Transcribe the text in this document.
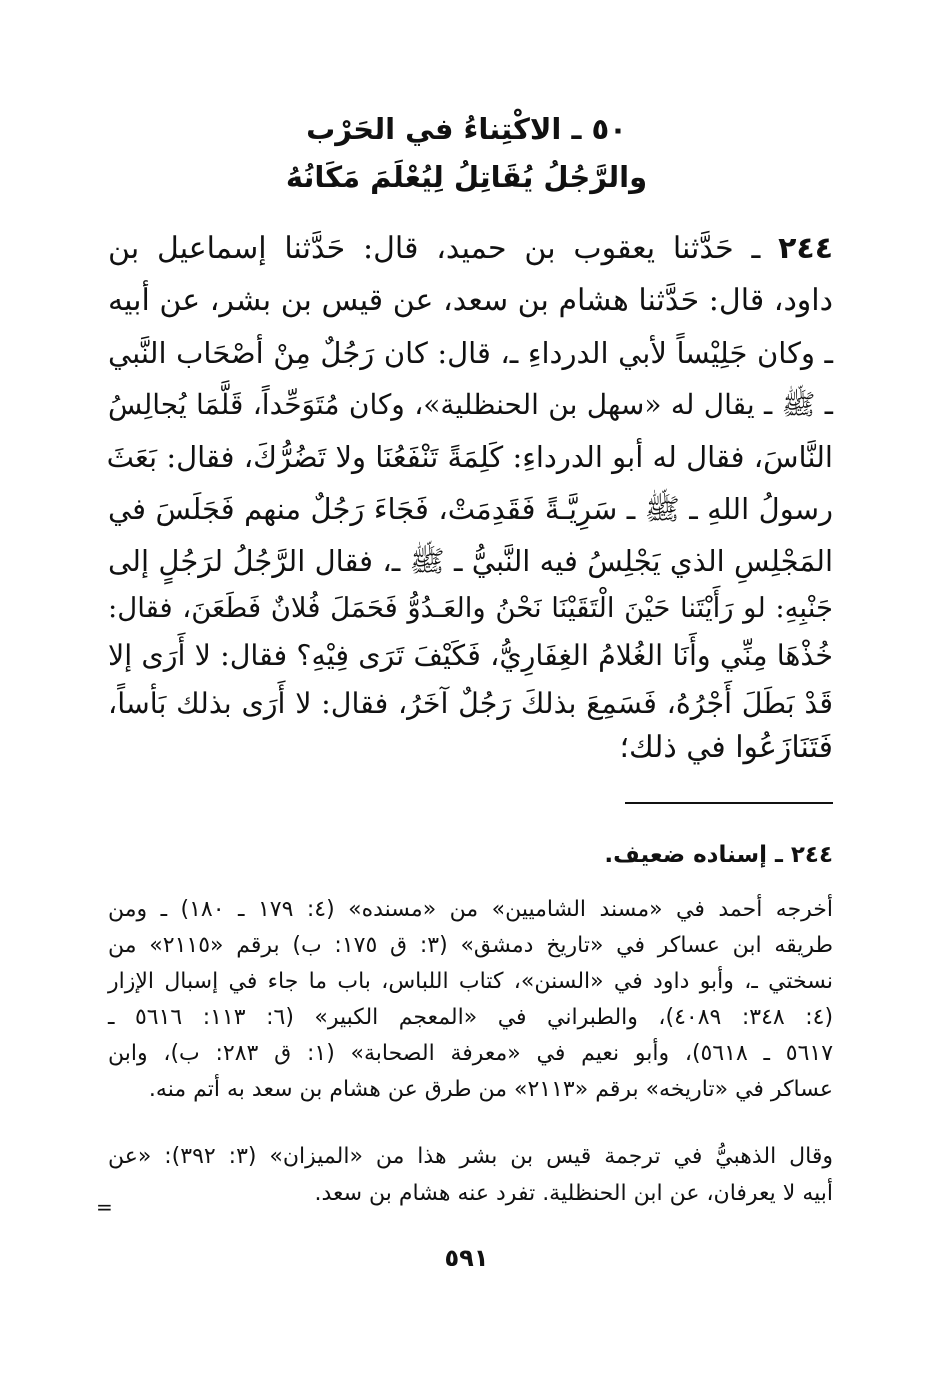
٥٠ ـ الاكْتِناءُ في الحَرْب
والرَّجُلُ يُقَاتِلُ لِيُعْلَمَ مَكَانُهُ
٢٤٤ ـ حَدَّثنا يعقوب بن حميد، قال: حَدَّثنا إسماعيل بن
داود، قال: حَدَّثنا هشام بن سعد، عن قيس بن بشر، عن أبيه
ـ وكان جَلِيْساً لأبي الدرداءِ ـ، قال: كان رَجُلٌ مِنْ أصْحَاب النَّبي
ـ ﷺ ـ يقال له «سهل بن الحنظلية»، وكان مُتَوَحِّداً، قَلَّمَا يُجالِسُ
النَّاسَ، فقال له أبو الدرداءِ: كَلِمَةً تَنْفَعُنَا ولا تَضُرُّكَ، فقال: بَعَثَ
رسولُ اللهِ ـ ﷺ ـ سَرِيَّـةً فَقَدِمَتْ، فَجَاءَ رَجُلٌ منهم فَجَلَسَ في
المَجْلِسِ الذي يَجْلِسُ فيه النَّبيُّ ـ ﷺ ـ، فقال الرَّجُلُ لرَجُلٍ إلى
جَنْبِهِ: لو رَأَيْتَنا حَيْنَ الْتَقَيْنَا نَحْنُ والعَـدُوُّ فَحَمَلَ فُلانٌ فَطَعَنَ، فقال:
خُذْهَا مِنِّي وأَنَا الغُلامُ الغِفَارِيُّ، فَكَيْفَ تَرَى فِيْهِ؟ فقال: لا أَرَى إلا
قَدْ بَطَلَ أَجْرُهُ، فَسَمِعَ بذلكَ رَجُلٌ آخَرُ، فقال: لا أَرَى بذلك بَأساً،
فَتَنَازَعُوا في ذلك؛
٢٤٤ ـ إسناده ضعيف.
أخرجه أحمد في «مسند الشاميين» من «مسنده» (٤: ١٧٩ ـ ١٨٠) ـ ومن
طريقه ابن عساكر في «تاريخ دمشق» (٣: ق ١٧٥: ب) برقم «٢١١٥» من
نسختي ـ، وأبو داود في «السنن»، كتاب اللباس، باب ما جاء في إسبال الإزار
(٤: ٣٤٨: ٤٠٨٩)، والطبراني في «المعجم الكبير» (٦: ١١٣: ٥٦١٦ ـ
٥٦١٧ ـ ٥٦١٨)، وأبو نعيم في «معرفة الصحابة» (١: ق ٢٨٣: ب)، وابن
عساكر في «تاريخه» برقم «٢١١٣» من طرق عن هشام بن سعد به أتم منه.
وقال الذهبيُّ في ترجمة قيس بن بشر هذا من «الميزان» (٣: ٣٩٢): «عن
أبيه لا يعرفان، عن ابن الحنظلية. تفرد عنه هشام بن سعد.
=
٥٩١
